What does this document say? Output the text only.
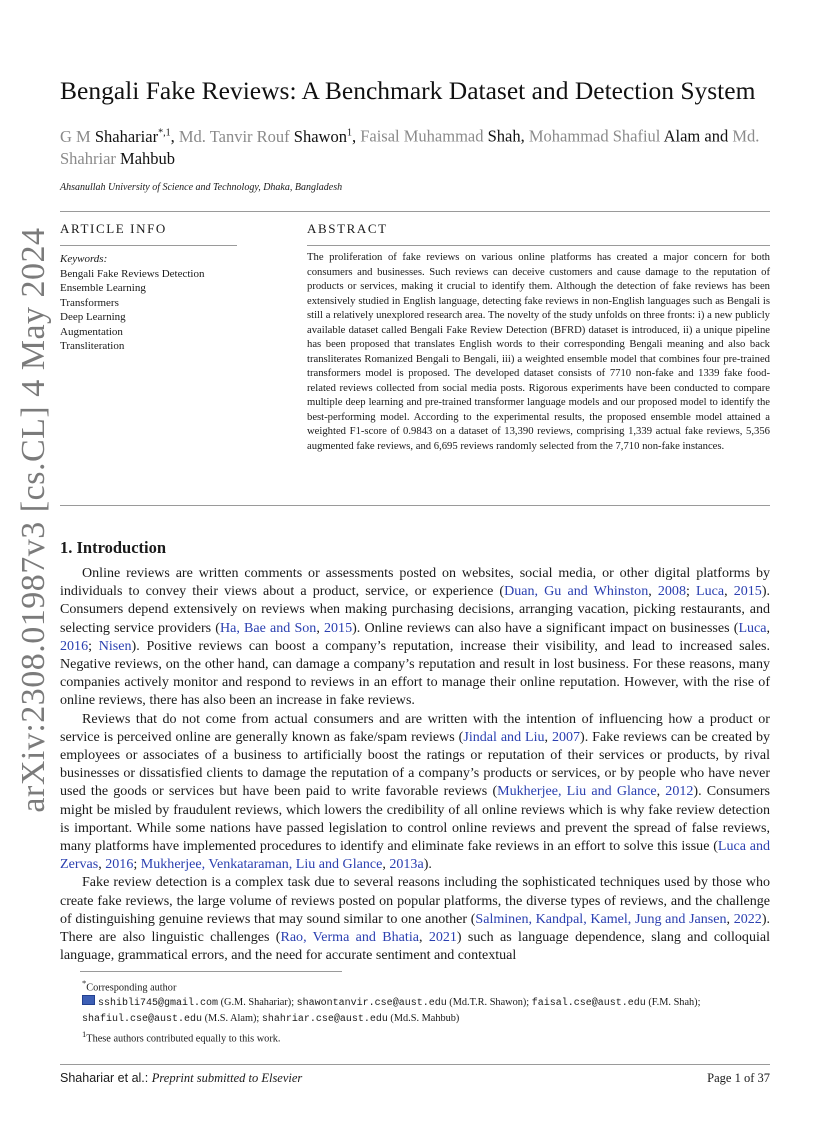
arXiv:2308.01987v3 [cs.CL] 4 May 2024
Bengali Fake Reviews: A Benchmark Dataset and Detection System
G M Shahariar$^{*,1}$, Md. Tanvir Rouf Shawon$^1$, Faisal Muhammad Shah, Mohammad Shafiul Alam and Md. Shahriar Mahbub
Ahsanullah University of Science and Technology, Dhaka, Bangladesh
ARTICLE INFO
Keywords:
Bengali Fake Reviews Detection
Ensemble Learning
Transformers
Deep Learning
Augmentation
Transliteration
ABSTRACT
The proliferation of fake reviews on various online platforms has created a major concern for both consumers and businesses. Such reviews can deceive customers and cause damage to the reputation of products or services, making it crucial to identify them. Although the detection of fake reviews has been extensively studied in English language, detecting fake reviews in non-English languages such as Bengali is still a relatively unexplored research area. The novelty of the study unfolds on three fronts: i) a new publicly available dataset called Bengali Fake Review Detection (BFRD) dataset is introduced, ii) a unique pipeline has been proposed that translates English words to their corresponding Bengali meaning and also back transliterates Romanized Bengali to Bengali, iii) a weighted ensemble model that combines four pre-trained transformers model is proposed. The developed dataset consists of 7710 non-fake and 1339 fake food-related reviews collected from social media posts. Rigorous experiments have been conducted to compare multiple deep learning and pre-trained transformer language models and our proposed model to identify the best-performing model. According to the experimental results, the proposed ensemble model attained a weighted F1-score of 0.9843 on a dataset of 13,390 reviews, comprising 1,339 actual fake reviews, 5,356 augmented fake reviews, and 6,695 reviews randomly selected from the 7,710 non-fake instances.
1. Introduction

Online reviews are written comments or assessments posted on websites, social media, or other digital platforms by individuals to convey their views about a product, service, or experience (Duan, Gu and Whinston, 2008; Luca, 2015). Consumers depend extensively on reviews when making purchasing decisions, arranging vacation, picking restaurants, and selecting service providers (Ha, Bae and Son, 2015). Online reviews can also have a significant impact on businesses (Luca, 2016; Nisen). Positive reviews can boost a company’s reputation, increase their visibility, and lead to increased sales. Negative reviews, on the other hand, can damage a company’s reputation and result in lost business. For these reasons, many companies actively monitor and respond to reviews in an effort to manage their online reputation. However, with the rise of online reviews, there has also been an increase in fake reviews.

Reviews that do not come from actual consumers and are written with the intention of influencing how a product or service is perceived online are generally known as fake/spam reviews (Jindal and Liu, 2007). Fake reviews can be created by employees or associates of a business to artificially boost the ratings or reputation of their services or products, by rival businesses or dissatisfied clients to damage the reputation of a company’s products or services, or by people who have never used the goods or services but have been paid to write favorable reviews (Mukherjee, Liu and Glance, 2012). Consumers might be misled by fraudulent reviews, which lowers the credibility of all online reviews which is why fake review detection is important. While some nations have passed legislation to control online reviews and prevent the spread of false reviews, many platforms have implemented procedures to identify and eliminate fake reviews in an effort to solve this issue (Luca and Zervas, 2016; Mukherjee, Venkataraman, Liu and Glance, 2013a).

Fake review detection is a complex task due to several reasons including the sophisticated techniques used by those who create fake reviews, the large volume of reviews posted on popular platforms, the diverse types of reviews, and the challenge of distinguishing genuine reviews that may sound similar to one another (Salminen, Kandpal, Kamel, Jung and Jansen, 2022). There are also linguistic challenges (Rao, Verma and Bhatia, 2021) such as language dependence, slang and colloquial language, grammatical errors, and the need for accurate sentiment and contextual

*Corresponding author
sshibli745@gmail.com (G.M. Shahariar); shawontanvir.cse@aust.edu (Md.T.R. Shawon); faisal.cse@aust.edu (F.M. Shah); shafiul.cse@aust.edu (M.S. Alam); shahriar.cse@aust.edu (Md.S. Mahbub)
$^1$These authors contributed equally to this work.
Shahariar et al.: Preprint submitted to Elsevier	Page 1 of 37
